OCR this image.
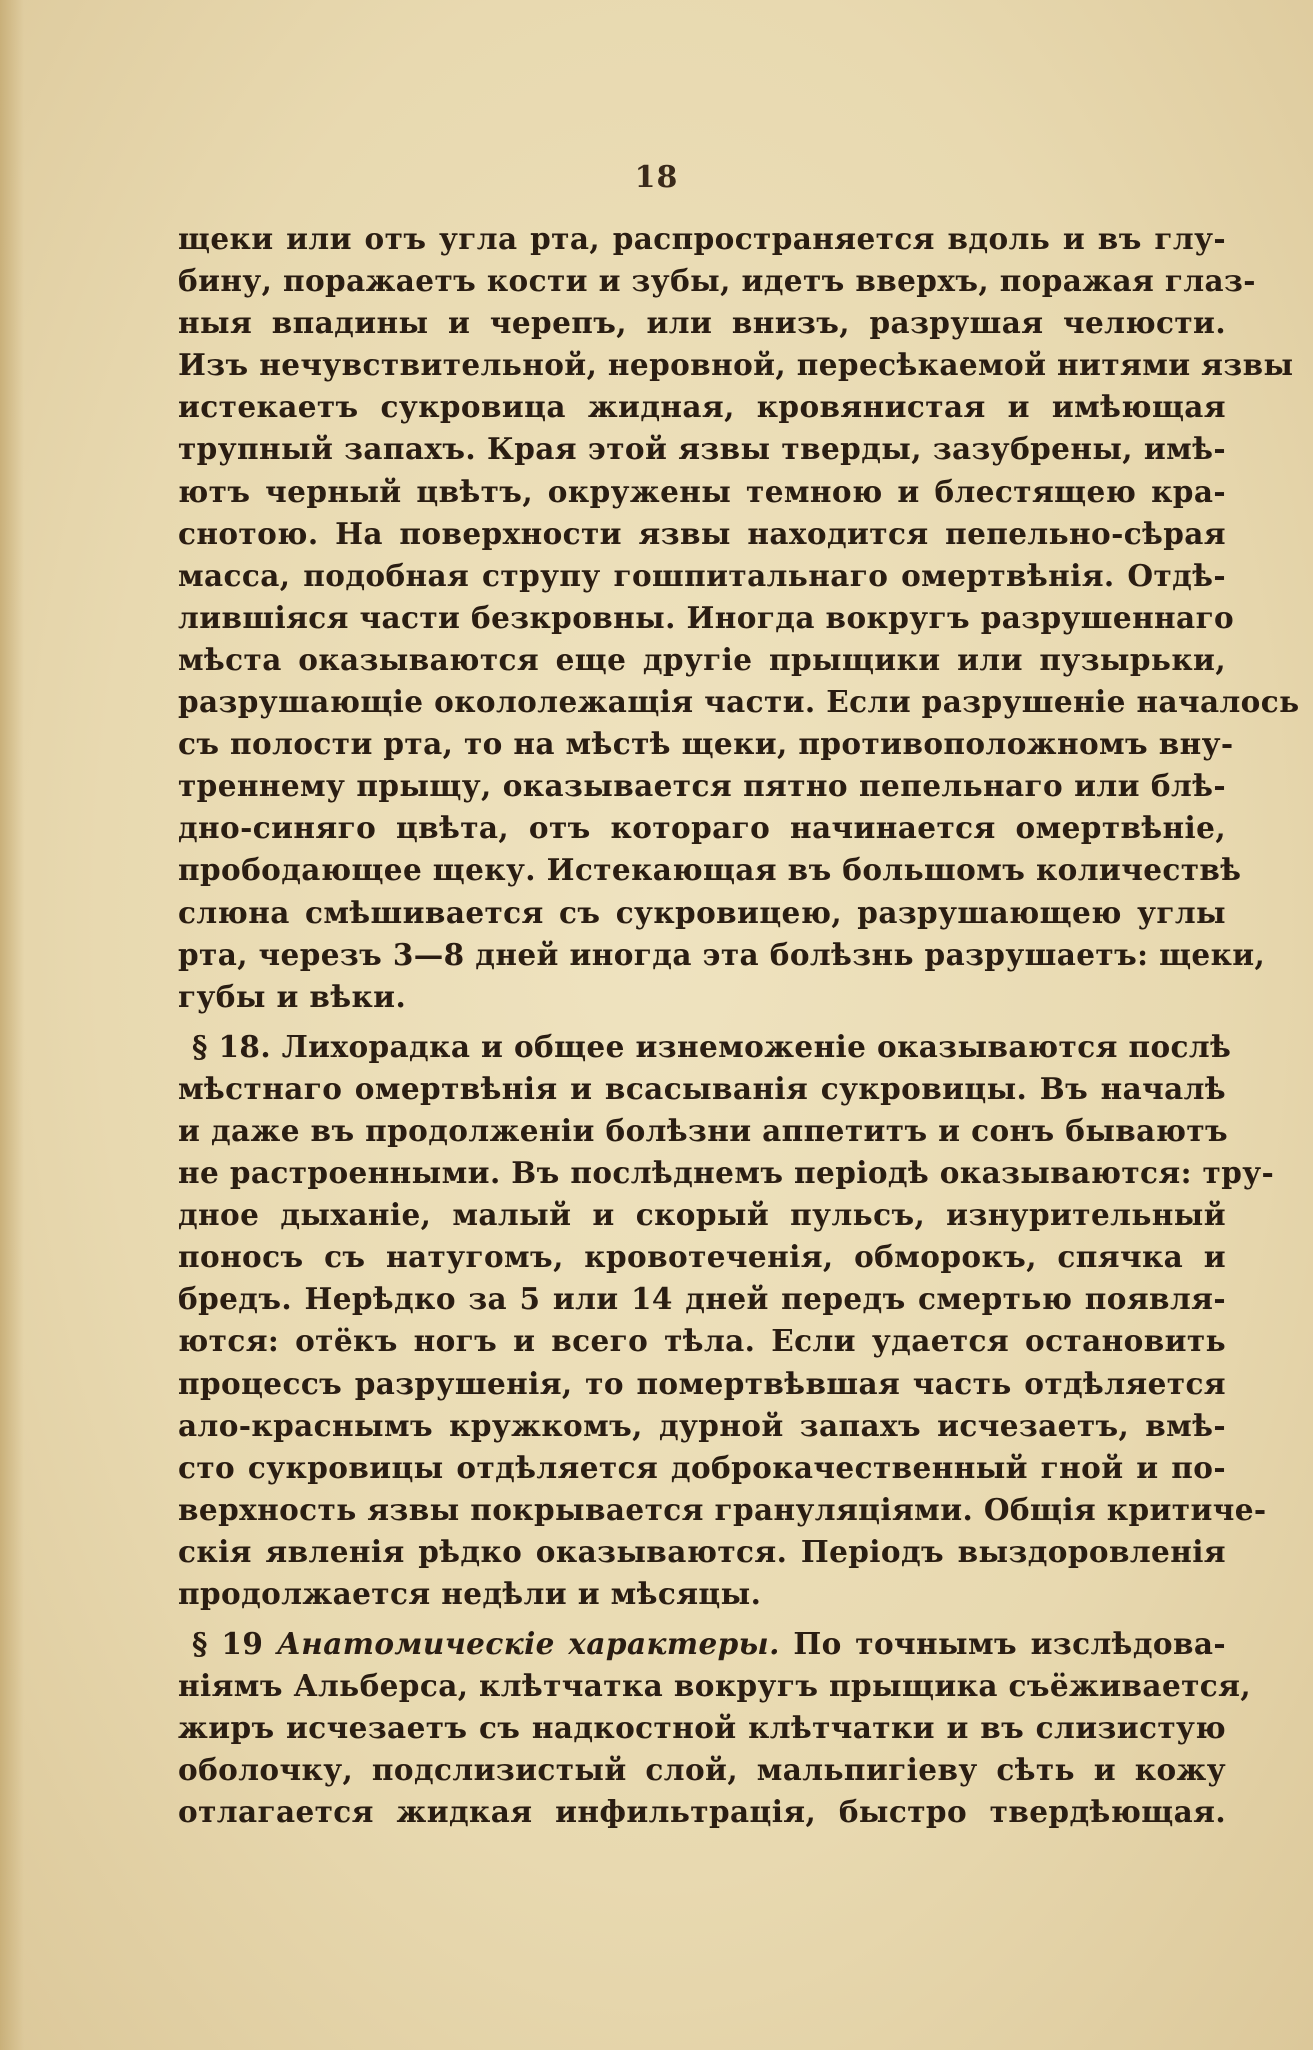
18
щеки или отъ угла рта, распространяется вдоль и въ глу-
бину, поражаетъ кости и зубы, идетъ вверхъ, поражая глаз-
ныя впадины и черепъ, или внизъ, разрушая челюсти.
Изъ нечувствительной, неровной, пересѣкаемой нитями язвы
истекаетъ сукровица жидная, кровянистая и имѣющая
трупный запахъ. Края этой язвы тверды, зазубрены, имѣ-
ютъ черный цвѣтъ, окружены темною и блестящею кра-
снотою. На поверхности язвы находится пепельно-сѣрая
масса, подобная струпу гошпитальнаго омертвѣнія. Отдѣ-
лившіяся части безкровны. Иногда вокругъ разрушеннаго
мѣста оказываются еще другіе прыщики или пузырьки,
разрушающіе окололежащія части. Если разрушеніе началось
съ полости рта, то на мѣстѣ щеки, противоположномъ вну-
треннему прыщу, оказывается пятно пепельнаго или блѣ-
дно-синяго цвѣта, отъ котораго начинается омертвѣніе,
прободающее щеку. Истекающая въ большомъ количествѣ
слюна смѣшивается съ сукровицею, разрушающею углы
рта, черезъ 3—8 дней иногда эта болѣзнь разрушаетъ: щеки,
губы и вѣки.
§ 18. Лихорадка и общее изнеможеніе оказываются послѣ
мѣстнаго омертвѣнія и всасыванія сукровицы. Въ началѣ
и даже въ продолженіи болѣзни аппетитъ и сонъ бываютъ
не растроенными. Въ послѣднемъ періодѣ оказываются: тру-
дное дыханіе, малый и скорый пульсъ, изнурительный
поносъ съ натугомъ, кровотеченія, обморокъ, спячка и
бредъ. Нерѣдко за 5 или 14 дней передъ смертью появля-
ются: отёкъ ногъ и всего тѣла. Если удается остановить
процессъ разрушенія, то помертвѣвшая часть отдѣляется
ало-краснымъ кружкомъ, дурной запахъ исчезаетъ, вмѣ-
сто сукровицы отдѣляется доброкачественный гной и по-
верхность язвы покрывается грануляціями. Общія критиче-
скія явленія рѣдко оказываются. Періодъ выздоровленія
продолжается недѣли и мѣсяцы.
§ 19 Анатомическіе характеры. По точнымъ изслѣдова-
ніямъ Альберса, клѣтчатка вокругъ прыщика съёживается,
жиръ исчезаетъ съ надкостной клѣтчатки и въ слизистую
оболочку, подслизистый слой, мальпигіеву сѣть и кожу
отлагается жидкая инфильтрація, быстро твердѣющая.
